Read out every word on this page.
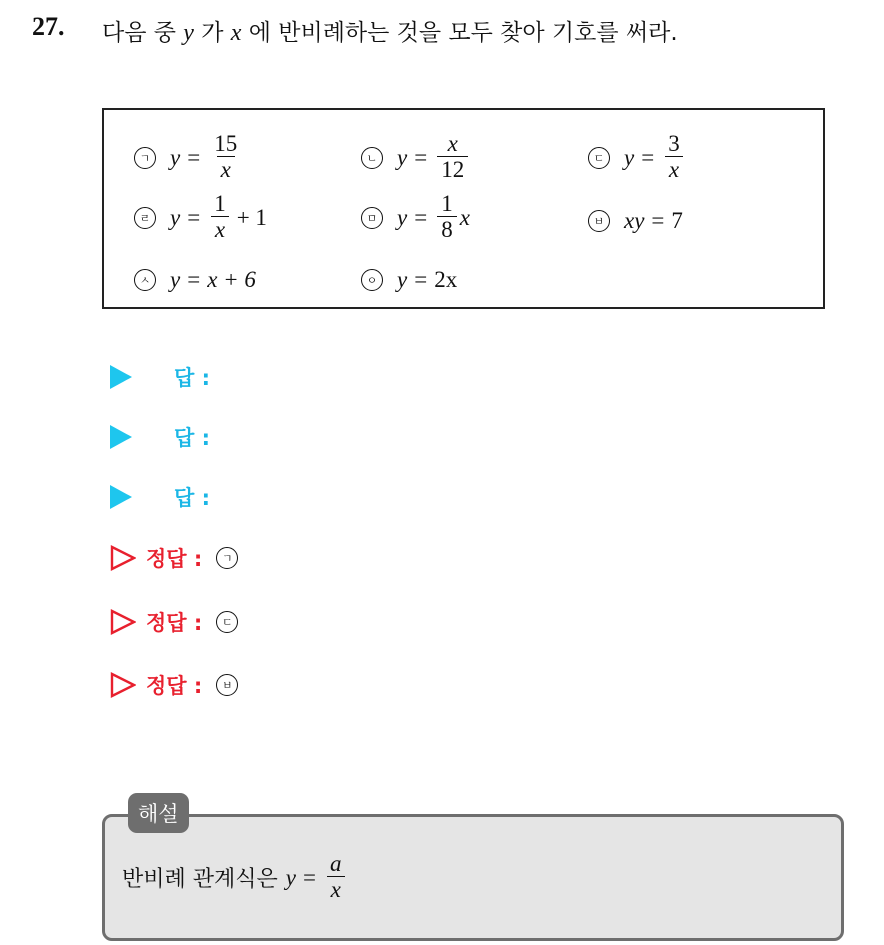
27. 다음 중 y 가 x 에 반비례하는 것을 모두 찾아 기호를 써라.
ㄱ $y = \frac{15}{x}$	ㄴ $y = \frac{x}{12}$	ㄷ $y = \frac{3}{x}$
ㄹ $y = \frac{1}{x} + 1$	ㅁ $y = \frac{1}{8}$ x	ㅂ xy = 7
ㅅ y = x + 6	ㅇ y = 2x
답 :
답 :
답 :
정답 :	ㄱ
정답 :	ㄷ
정답 :	ㅂ
해설
반비례 관계식은 $y = \frac{a}{x}$
